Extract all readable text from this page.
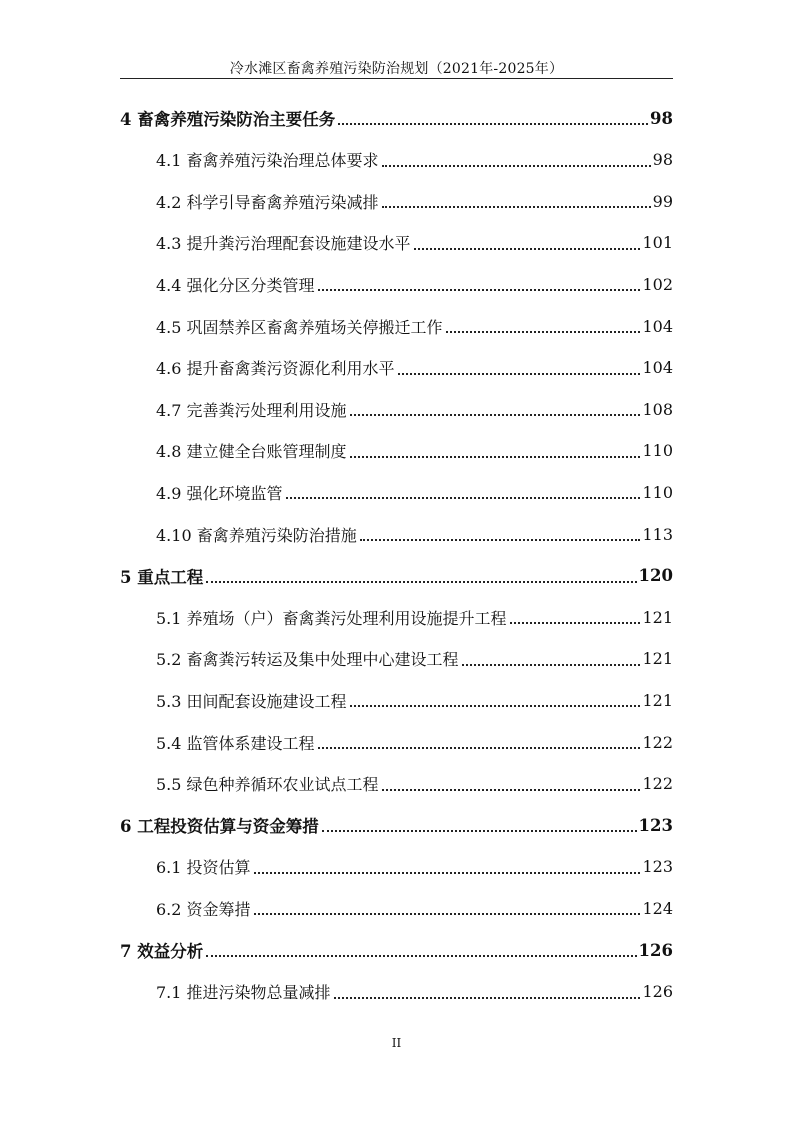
冷水滩区畜禽养殖污染防治规划（2021年-2025年）
4 畜禽养殖污染防治主要任务	98
4.1 畜禽养殖污染治理总体要求	98
4.2 科学引导畜禽养殖污染减排	99
4.3 提升粪污治理配套设施建设水平	101
4.4 强化分区分类管理	102
4.5 巩固禁养区畜禽养殖场关停搬迁工作	104
4.6 提升畜禽粪污资源化利用水平	104
4.7 完善粪污处理利用设施	108
4.8 建立健全台账管理制度	110
4.9 强化环境监管	110
4.10 畜禽养殖污染防治措施	113
5 重点工程	120
5.1 养殖场（户）畜禽粪污处理利用设施提升工程	121
5.2 畜禽粪污转运及集中处理中心建设工程	121
5.3 田间配套设施建设工程	121
5.4 监管体系建设工程	122
5.5 绿色种养循环农业试点工程	122
6 工程投资估算与资金筹措	123
6.1 投资估算	123
6.2 资金筹措	124
7 效益分析	126
7.1 推进污染物总量减排	126
II
